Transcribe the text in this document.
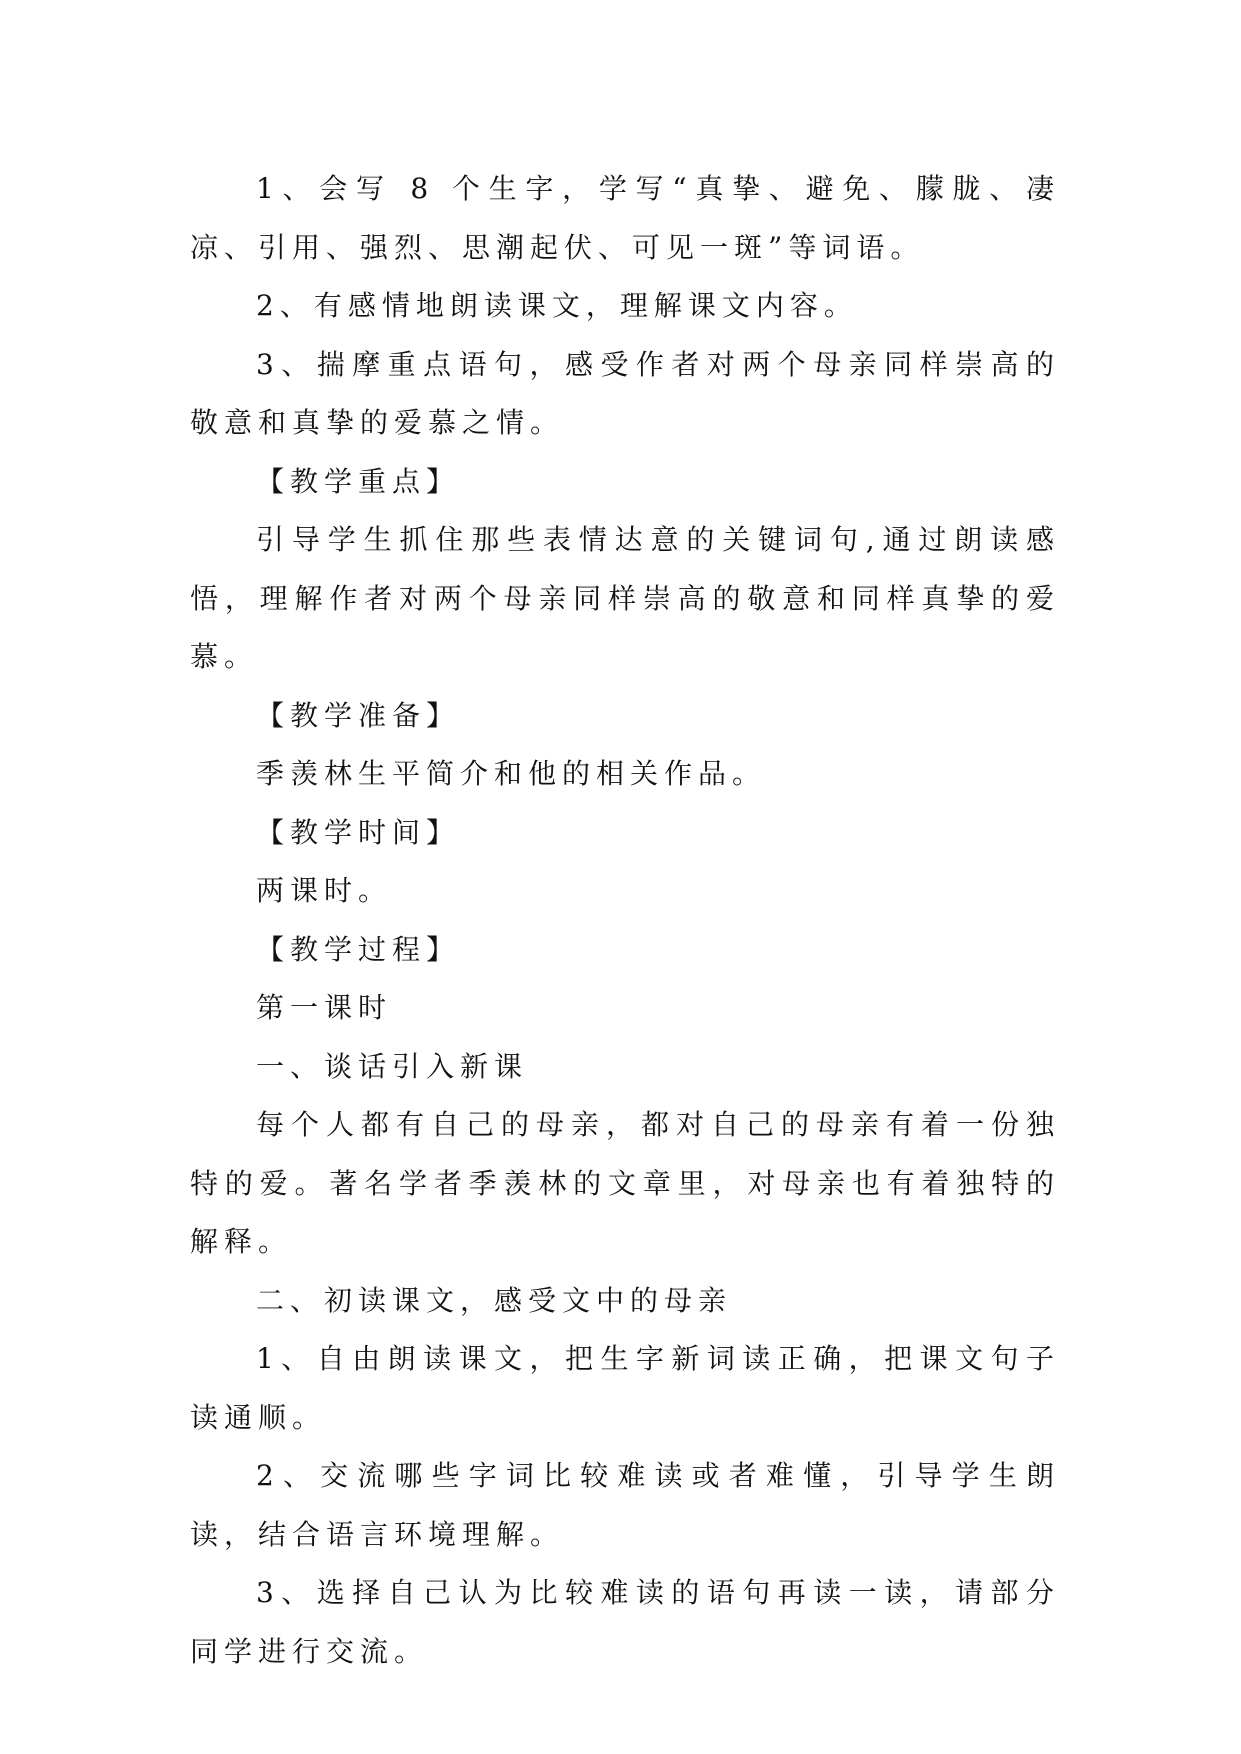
1、会写 8 个生字，学写“真挚、避免、朦胧、凄凉、引用、强烈、思潮起伏、可见一斑”等词语。

2、有感情地朗读课文，理解课文内容。

3、揣摩重点语句，感受作者对两个母亲同样崇高的敬意和真挚的爱慕之情。

【教学重点】

引导学生抓住那些表情达意的关键词句,通过朗读感悟，理解作者对两个母亲同样崇高的敬意和同样真挚的爱慕。

【教学准备】

季羡林生平简介和他的相关作品。

【教学时间】

两课时。

【教学过程】

第一课时

一、谈话引入新课

每个人都有自己的母亲，都对自己的母亲有着一份独特的爱。著名学者季羡林的文章里，对母亲也有着独特的解释。

二、初读课文，感受文中的母亲

1、自由朗读课文，把生字新词读正确，把课文句子读通顺。

2、交流哪些字词比较难读或者难懂，引导学生朗读，结合语言环境理解。

3、选择自己认为比较难读的语句再读一读，请部分同学进行交流。
